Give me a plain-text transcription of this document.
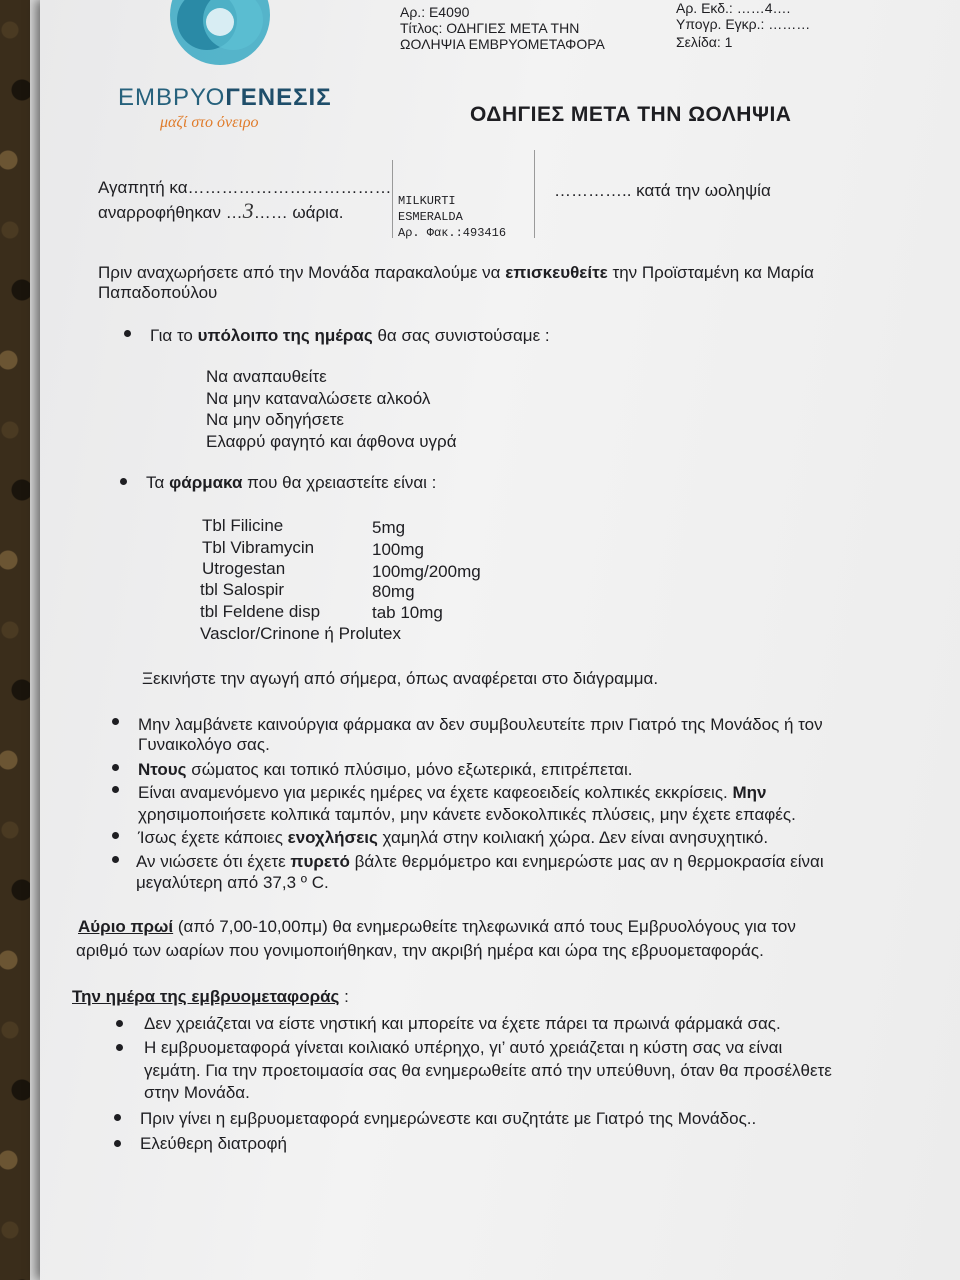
ΕΜΒΡΥΟΓΕΝΕΣΙΣ
μαζί στο όνειρο
Αρ.: Ε4090
Τίτλος: ΟΔΗΓΙΕΣ ΜΕΤΑ ΤΗΝ
ΩΟΛΗΨΙΑ ΕΜΒΡΥΟΜΕΤΑΦΟΡΑ
Αρ. Εκδ.: ……4….
Υπογρ. Εγκρ.: ………
Σελίδα: 1
ΟΔΗΓΙΕΣ ΜΕΤΑ ΤΗΝ ΩΟΛΗΨΙΑ
Αγαπητή κα………………………………
αναρροφήθηκαν …3…… ωάρια.
MILKURTI
ESMERALDA
Αρ. Φακ.:493416
………….. κατά την ωοληψία
Πριν αναχωρήσετε από την Μονάδα παρακαλούμε να επισκευθείτε την Προϊσταμένη κα Μαρία
Παπαδοπούλου
Για το υπόλοιπο της ημέρας θα σας συνιστούσαμε :
Να αναπαυθείτε
Να μην καταναλώσετε αλκοόλ
Να μην οδηγήσετε
Ελαφρύ φαγητό και άφθονα υγρά
Τα φάρμακα που θα χρειαστείτε είναι :
Tbl Filicine	5mg
Tbl Vibramycin	100mg
Utrogestan	100mg/200mg
tbl Salospir	80mg
tbl Feldene disp	tab 10mg
Vasclor/Crinone ή Prolutex
Ξεκινήστε την αγωγή από σήμερα, όπως αναφέρεται στο διάγραμμα.
Μην λαμβάνετε καινούργια φάρμακα αν δεν συμβουλευτείτε πριν Γιατρό της Μονάδος ή τον
Γυναικολόγο σας.
Ντους σώματος και τοπικό πλύσιμο, μόνο εξωτερικά, επιτρέπεται.
Είναι αναμενόμενο για μερικές ημέρες να έχετε καφεοειδείς κολπικές εκκρίσεις. Μην
χρησιμοποιήσετε κολπικά ταμπόν, μην κάνετε ενδοκολπικές πλύσεις, μην έχετε επαφές.
Ίσως έχετε κάποιες ενοχλήσεις χαμηλά στην κοιλιακή χώρα. Δεν είναι ανησυχητικό.
Αν νιώσετε ότι έχετε πυρετό βάλτε θερμόμετρο και ενημερώστε μας αν η θερμοκρασία είναι
μεγαλύτερη από 37,3 º C.
Αύριο πρωί (από 7,00-10,00πμ) θα ενημερωθείτε τηλεφωνικά από τους Εμβρυολόγους για τον
αριθμό των ωαρίων που γονιμοποιήθηκαν, την ακριβή ημέρα και ώρα της εβρυομεταφοράς.
Την ημέρα της εμβρυομεταφοράς :
Δεν χρειάζεται να είστε νηστική και μπορείτε να έχετε πάρει τα πρωινά φάρμακά σας.
Η εμβρυομεταφορά γίνεται κοιλιακό υπέρηχο, γι’ αυτό χρειάζεται η κύστη σας να είναι
γεμάτη. Για την προετοιμασία σας θα ενημερωθείτε από την υπεύθυνη, όταν θα προσέλθετε
στην Μονάδα.
Πριν γίνει η εμβρυομεταφορά ενημερώνεστε και συζητάτε με Γιατρό της Μονάδος..
Ελεύθερη διατροφή
